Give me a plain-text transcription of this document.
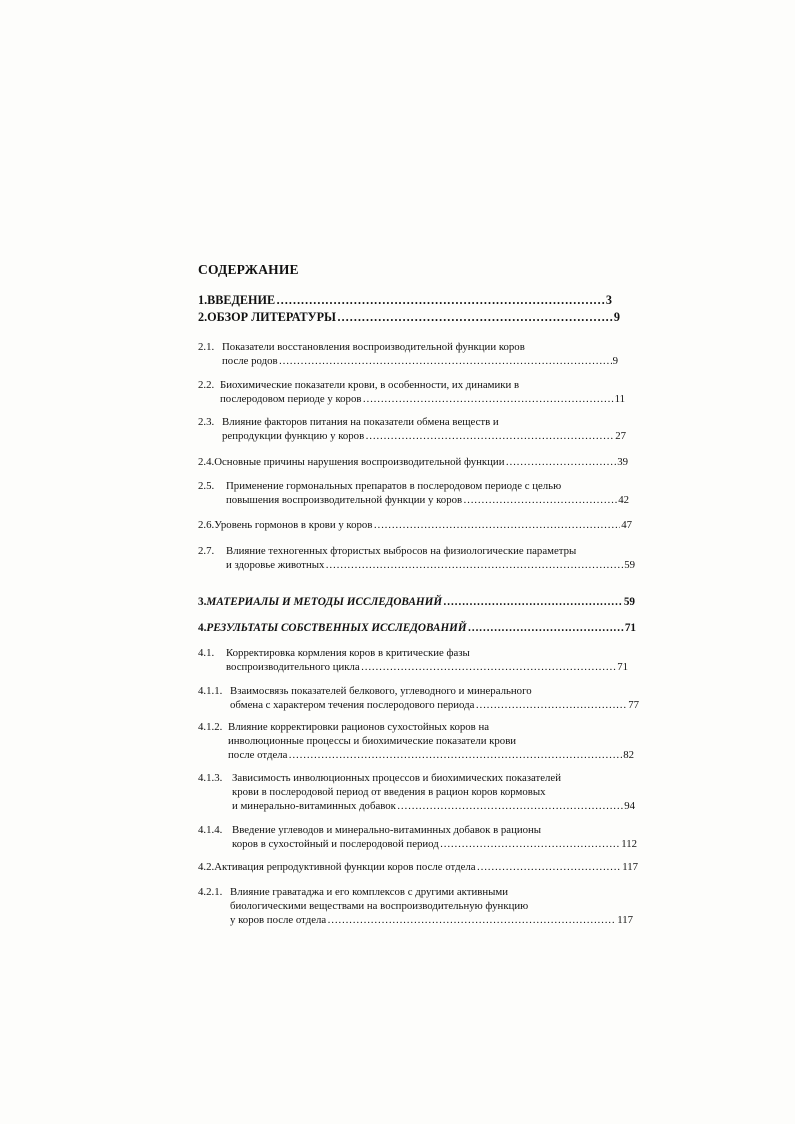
СОДЕРЖАНИЕ
1. ВВЕДЕНИЕ …………………………………………………………………………………………………………………………………………………………………………………………………………	3
2. ОБЗОР ЛИТЕРАТУРЫ …………………………………………………………………………………………………………………………………………………………………………………………………………	9
2.1. Показатели восстановления воспроизводительной функции коров
после родов …………………………………………………………………………………………………………………………………………………………………………………………………………	9
2.2. Биохимические показатели крови, в особенности, их динамики в
послеродовом периоде у коров …………………………………………………………………………………………………………………………………………………………………………………………………………	11
2.3. Влияние факторов питания на показатели обмена веществ и
репродукции функцию у коров …………………………………………………………………………………………………………………………………………………………………………………………………………	27
2.4. Основные причины нарушения воспроизводительной функции …………………………………………………………………………………………………………………………………………………………………………………………………………	39
2.5.	Применение гормональных препаратов в послеродовом периоде с целью
повышения воспроизводительной функции у коров …………………………………………………………………………………………………………………………………………………………………………………………………………	42
2.6. Уровень гормонов в крови у коров …………………………………………………………………………………………………………………………………………………………………………………………………………	47
2.7.	Влияние техногенных фтористых выбросов на физиологические параметры
и здоровье животных …………………………………………………………………………………………………………………………………………………………………………………………………………	59
3. МАТЕРИАЛЫ И МЕТОДЫ ИССЛЕДОВАНИЙ …………………………………………………………………………………………………………………………………………………………………………………………………………	59
4. РЕЗУЛЬТАТЫ СОБСТВЕННЫХ ИССЛЕДОВАНИЙ …………………………………………………………………………………………………………………………………………………………………………………………………………	71
4.1.	Корректировка кормления коров в критические фазы
воспроизводительного цикла …………………………………………………………………………………………………………………………………………………………………………………………………………	71
4.1.1. Взаимосвязь показателей белкового, углеводного и минерального
обмена с характером течения послеродового периода …………………………………………………………………………………………………………………………………………………………………………………………………………	77
4.1.2. Влияние корректировки рационов сухостойных коров на
инволюционные процессы и биохимические показатели крови
после отдела …………………………………………………………………………………………………………………………………………………………………………………………………………	82
4.1.3. Зависимость инволюционных процессов и биохимических показателей
крови в послеродовой период от введения в рацион коров кормовых
и минерально-витаминных добавок …………………………………………………………………………………………………………………………………………………………………………………………………………	94
4.1.4. Введение углеводов и минерально-витаминных добавок в рационы
коров в сухостойный и послеродовой период …………………………………………………………………………………………………………………………………………………………………………………………………………	112
4.2. Активация репродуктивной функции коров после отдела …………………………………………………………………………………………………………………………………………………………………………………………………………	117
4.2.1. Влияние граватаджа и его комплексов с другими активными
биологическими веществами на воспроизводительную функцию
у коров после отдела …………………………………………………………………………………………………………………………………………………………………………………………………………	117
